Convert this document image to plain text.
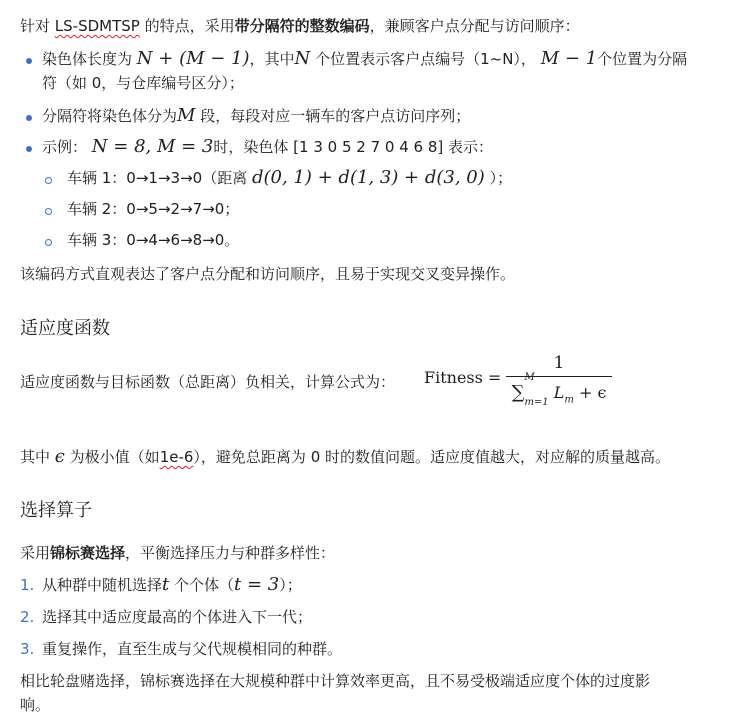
针对 LS-SDMTSP 的特点，采用带分隔符的整数编码，兼顾客户点分配与访问顺序：
染色体长度为 N + (M − 1)，其中N 个位置表示客户点编号（1~N）， M − 1个位置为分隔
符（如 0，与仓库编号区分）；
分隔符将染色体分为M 段，每段对应一辆车的客户点访问序列；
示例： N = 8, M = 3时，染色体 [1 3 0 5 2 7 0 4 6 8] 表示：
车辆 1：0→1→3→0（距离 d(0, 1) + d(1, 3) + d(3, 0) ）；
车辆 2：0→5→2→7→0；
车辆 3：0→4→6→8→0。
该编码方式直观表达了客户点分配和访问顺序，且易于实现交叉变异操作。
适应度函数
适应度函数与目标函数（总距离）负相关，计算公式为： Fitness =
1
∑
M
$_{m=1}$ $L_m + \epsilon$
其中 ϵ 为极小值（如1e-6），避免总距离为 0 时的数值问题。适应度值越大，对应解的质量越高。
选择算子
采用锦标赛选择，平衡选择压力与种群多样性：
1. 从种群中随机选择t 个个体（t = 3）；
2. 选择其中适应度最高的个体进入下一代；
3. 重复操作，直至生成与父代规模相同的种群。
相比轮盘赌选择，锦标赛选择在大规模种群中计算效率更高，且不易受极端适应度个体的过度影
响。
